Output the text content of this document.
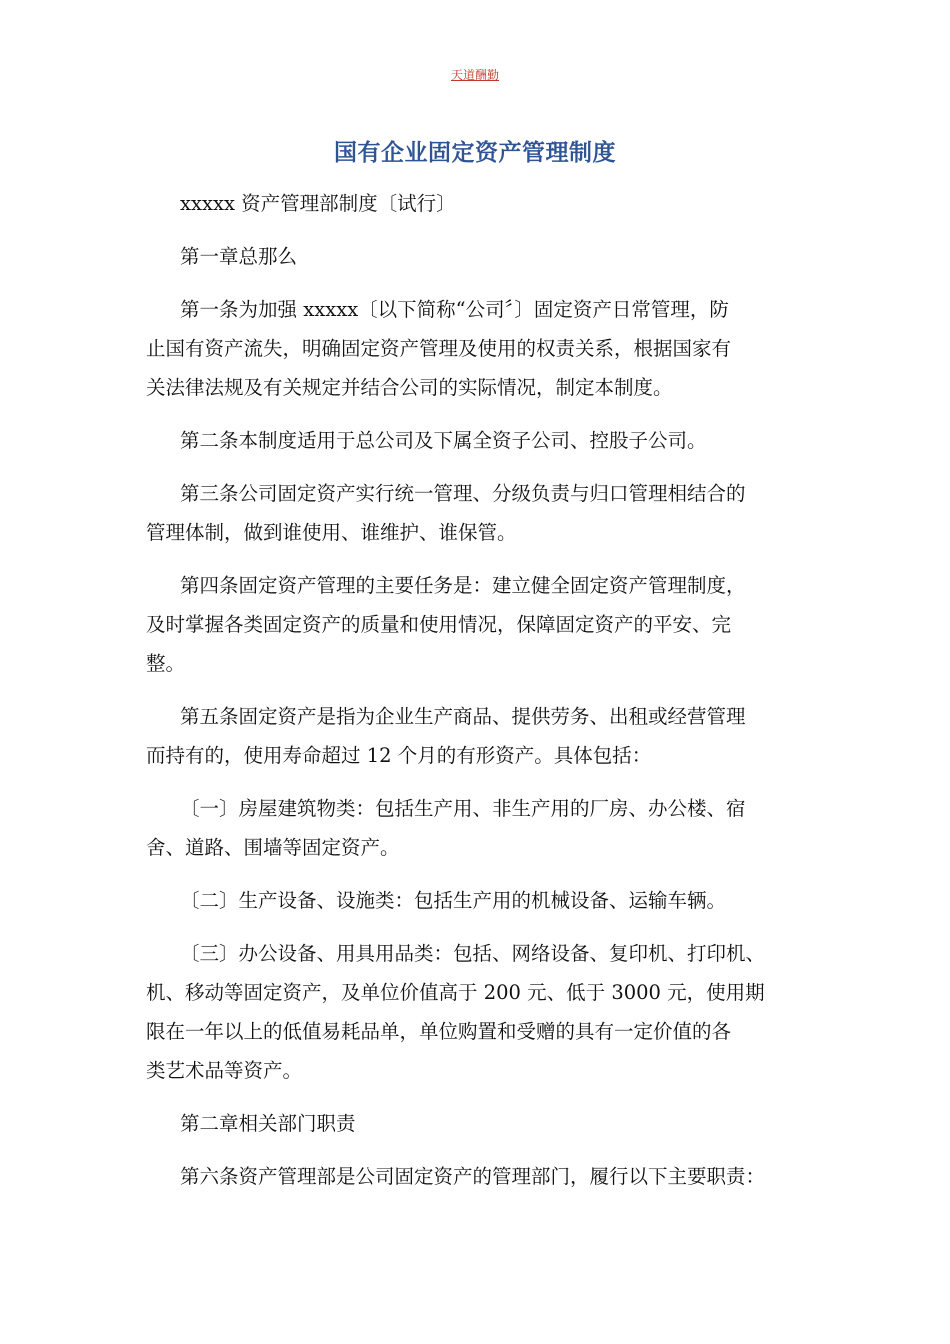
天道酬勤
国有企业固定资产管理制度
xxxxx 资产管理部制度〔试行〕
第一章总那么
第一条为加强 xxxxx〔以下简称“公司〞〕固定资产日常管理，防
止国有资产流失，明确固定资产管理及使用的权责关系，根据国家有
关法律法规及有关规定并结合公司的实际情况，制定本制度。
第二条本制度适用于总公司及下属全资子公司、控股子公司。
第三条公司固定资产实行统一管理、分级负责与归口管理相结合的
管理体制，做到谁使用、谁维护、谁保管。
第四条固定资产管理的主要任务是：建立健全固定资产管理制度，
及时掌握各类固定资产的质量和使用情况，保障固定资产的平安、完
整。
第五条固定资产是指为企业生产商品、提供劳务、出租或经营管理
而持有的，使用寿命超过 12 个月的有形资产。具体包括：
〔一〕房屋建筑物类：包括生产用、非生产用的厂房、办公楼、宿
舍、道路、围墙等固定资产。
〔二〕生产设备、设施类：包括生产用的机械设备、运输车辆。
〔三〕办公设备、用具用品类：包括、网络设备、复印机、打印机、
机、移动等固定资产，及单位价值高于 200 元、低于 3000 元，使用期
限在一年以上的低值易耗品单，单位购置和受赠的具有一定价值的各
类艺术品等资产。
第二章相关部门职责
第六条资产管理部是公司固定资产的管理部门，履行以下主要职责：
